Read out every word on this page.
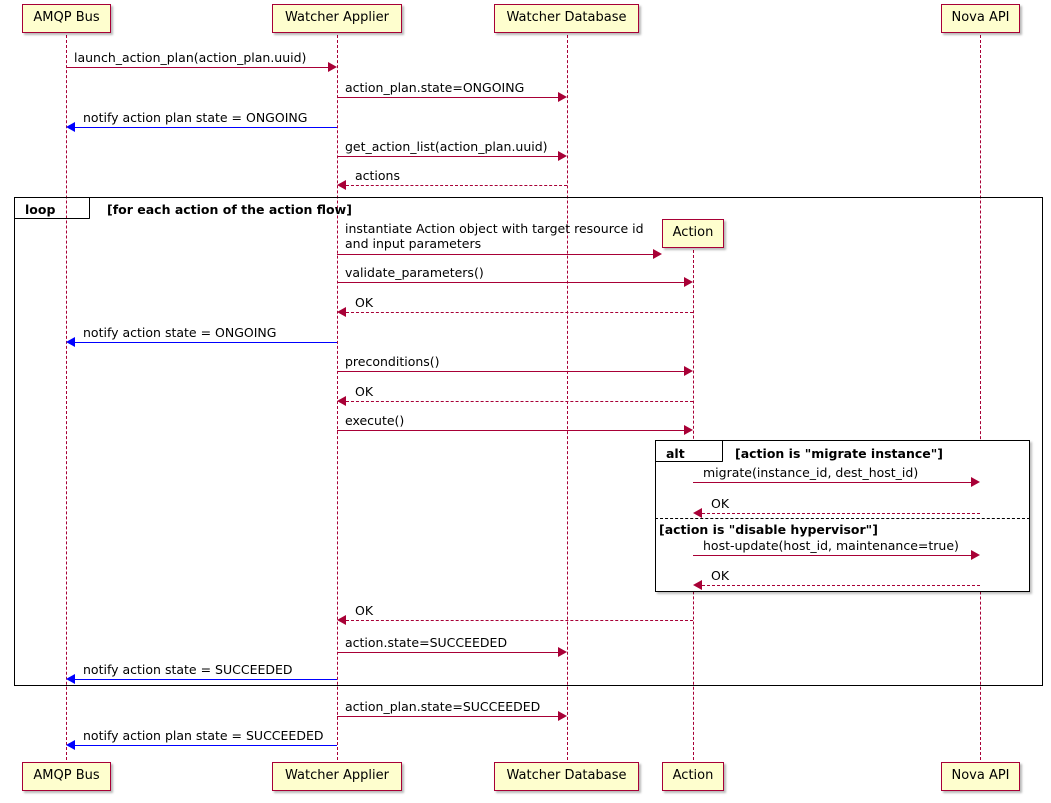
loop	[for each action of the action flow]
alt	[action is "migrate instance"]
[action is "disable hypervisor"]
AMQP Bus	Watcher Applier	Watcher Database
Action
Nova API
AMQP Bus	Watcher Applier	Watcher Database	Action	Nova API
launch_action_plan(action_plan.uuid)
action_plan.state=ONGOING
notify action plan state = ONGOING
get_action_list(action_plan.uuid)
actions
instantiate Action object with target resource id and input parameters
validate_parameters()
OK
notify action state = ONGOING
preconditions()
OK
execute()
migrate(instance_id, dest_host_id)
OK
host-update(host_id, maintenance=true)
OK
OK
action.state=SUCCEEDED
notify action state = SUCCEEDED
action_plan.state=SUCCEEDED
notify action plan state = SUCCEEDED
